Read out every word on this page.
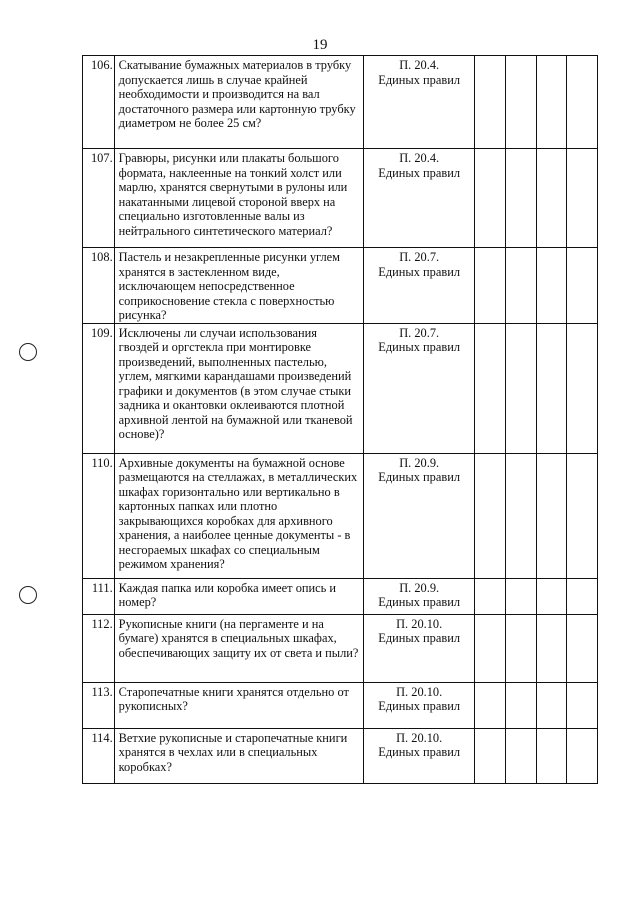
19
106.	Скатывание бумажных материалов в трубку допускается лишь в случае крайней необходимости и производится на вал достаточного размера или картонную трубку диаметром не более 25 см?	П. 20.4.
Единых правил				

107.	Гравюры, рисунки или плакаты большого формата, наклеенные на тонкий холст или марлю, хранятся свернутыми в рулоны или накатанными лицевой стороной вверх на специально изготовленные валы из нейтрального синтетического материал?	П. 20.4.
Единых правил				

108.	Пастель и незакрепленные рисунки углем хранятся в застекленном виде, исключающем непосредственное соприкосновение стекла с поверхностью рисунка?	П. 20.7.
Единых правил				

109.	Исключены ли случаи использования гвоздей и оргстекла при монтировке произведений, выполненных пастелью, углем, мягкими карандашами произведений графики и документов (в этом случае стыки задника и окантовки оклеиваются плотной архивной лентой на бумажной или тканевой основе)?	П. 20.7.
Единых правил				

110.	Архивные документы на бумажной основе размещаются на стеллажах, в металлических шкафах горизонтально или вертикально в картонных папках или плотно закрывающихся коробках для архивного хранения, а наиболее ценные документы - в несгораемых шкафах со специальным режимом хранения?	П. 20.9.
Единых правил				

111.	Каждая папка или коробка имеет опись и номер?	П. 20.9.
Единых правил				

112.	Рукописные книги (на пергаменте и на бумаге) хранятся в специальных шкафах, обеспечивающих защиту их от света и пыли?	П. 20.10.
Единых правил				

113.	Старопечатные книги хранятся отдельно от рукописных?	П. 20.10.
Единых правил				

114.	Ветхие рукописные и старопечатные книги хранятся в чехлах или в специальных коробках?	П. 20.10.
Единых правил				
